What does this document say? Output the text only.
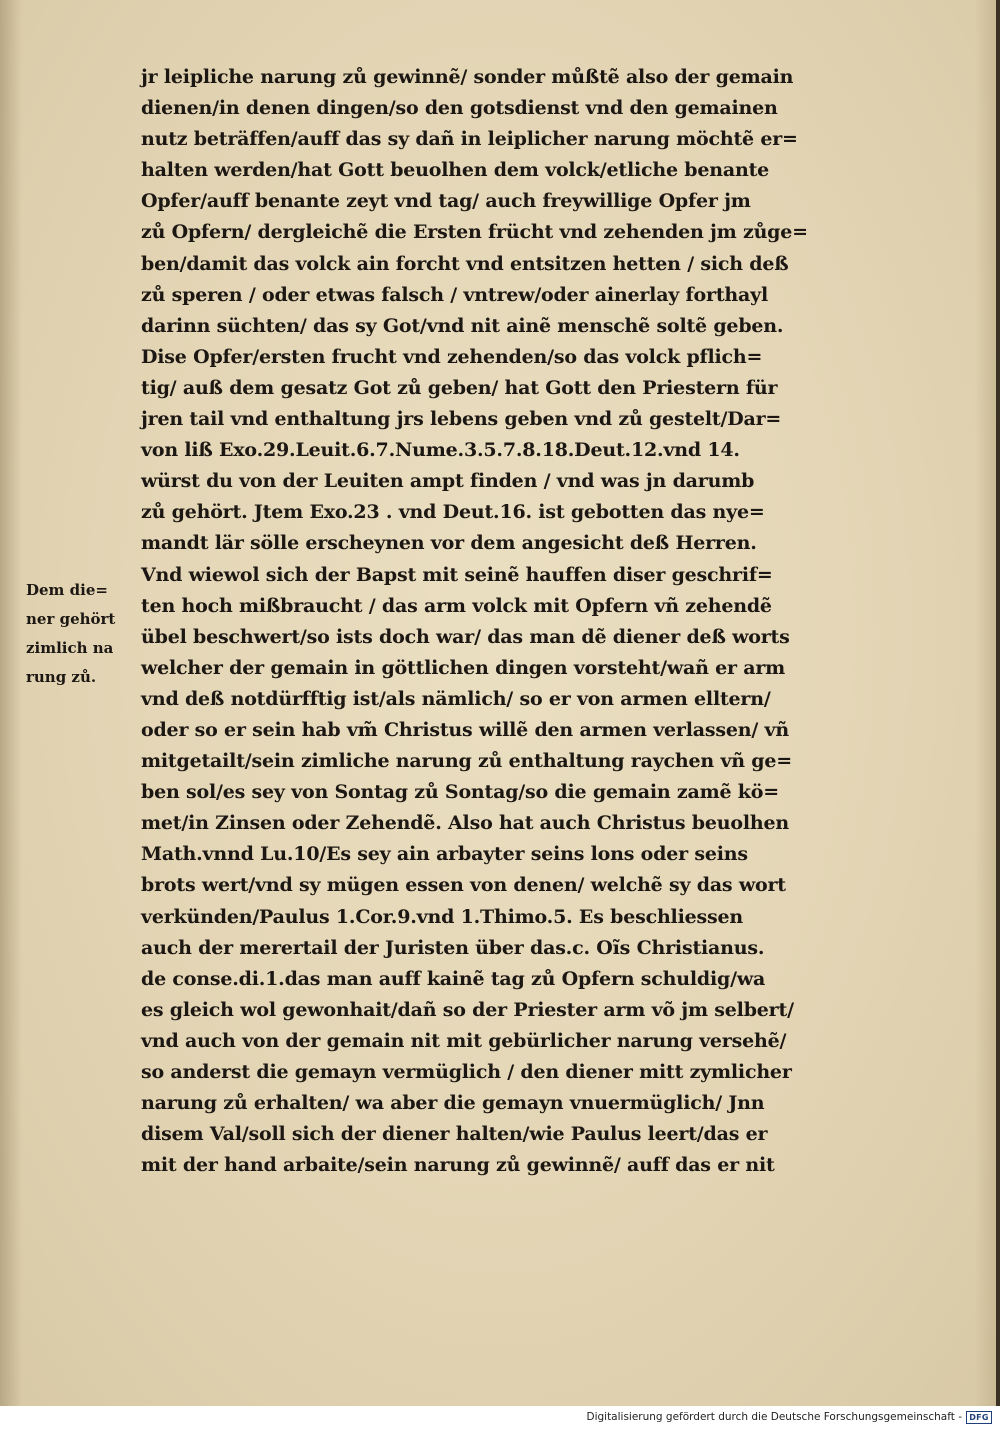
Dem die=
ner gehört
zimlich na
rung zů.
jr leipliche narung zů gewinnẽ/ sonder můßtẽ also der gemain
dienen/in denen dingen/so den gotsdienst vnd den gemainen
nutz beträffen/auff das sy dañ in leiplicher narung möchtẽ er=
halten werden/hat Gott beuolhen dem volck/etliche benante
Opfer/auff benante zeyt vnd tag/ auch freywillige Opfer jm
zů Opfern/ dergleichẽ die Ersten frücht vnd zehenden jm zůge=
ben/damit das volck ain forcht vnd entsitzen hetten / sich deß
zů speren / oder etwas falsch / vntrew/oder ainerlay forthayl
darinn süchten/ das sy Got/vnd nit ainẽ menschẽ soltẽ geben.
Dise Opfer/ersten frucht vnd zehenden/so das volck pflich=
tig/ auß dem gesatz Got zů geben/ hat Gott den Priestern für
jren tail vnd enthaltung jrs lebens geben vnd zů gestelt/Dar=
von liß Exo.29.Leuit.6.7.Nume.3.5.7.8.18.Deut.12.vnd 14.
würst du von der Leuiten ampt finden / vnd was jn darumb
zů gehört. Jtem Exo.23 . vnd Deut.16. ist gebotten das nye=
mandt lär sölle erscheynen vor dem angesicht deß Herren.
Vnd wiewol sich der Bapst mit seinẽ hauffen diser geschrif=
ten hoch mißbraucht / das arm volck mit Opfern vñ zehendẽ
übel beschwert/so ists doch war/ das man dẽ diener deß worts
welcher der gemain in göttlichen dingen vorsteht/wañ er arm
vnd deß notdürfftig ist/als nämlich/ so er von armen elltern/
oder so er sein hab vm̃ Christus willẽ den armen verlassen/ vñ
mitgetailt/sein zimliche narung zů enthaltung raychen vñ ge=
ben sol/es sey von Sontag zů Sontag/so die gemain zamẽ kö=
met/in Zinsen oder Zehendẽ. Also hat auch Christus beuolhen
Math.vnnd Lu.10/Es sey ain arbayter seins lons oder seins
brots wert/vnd sy mügen essen von denen/ welchẽ sy das wort
verkünden/Paulus 1.Cor.9.vnd 1.Thimo.5. Es beschliessen
auch der merertail der Juristen über das.c. Oĩs Christianus.
de conse.di.1.das man auff kainẽ tag zů Opfern schuldig/wa
es gleich wol gewonhait/dañ so der Priester arm võ jm selbert/
vnd auch von der gemain nit mit gebürlicher narung versehẽ/
so anderst die gemayn vermüglich / den diener mitt zymlicher
narung zů erhalten/ wa aber die gemayn vnuermüglich/ Jnn
disem Val/soll sich der diener halten/wie Paulus leert/das er
mit der hand arbaite/sein narung zů gewinnẽ/ auff das er nit
Digitalisierung gefördert durch die Deutsche Forschungsgemeinschaft - DFG
